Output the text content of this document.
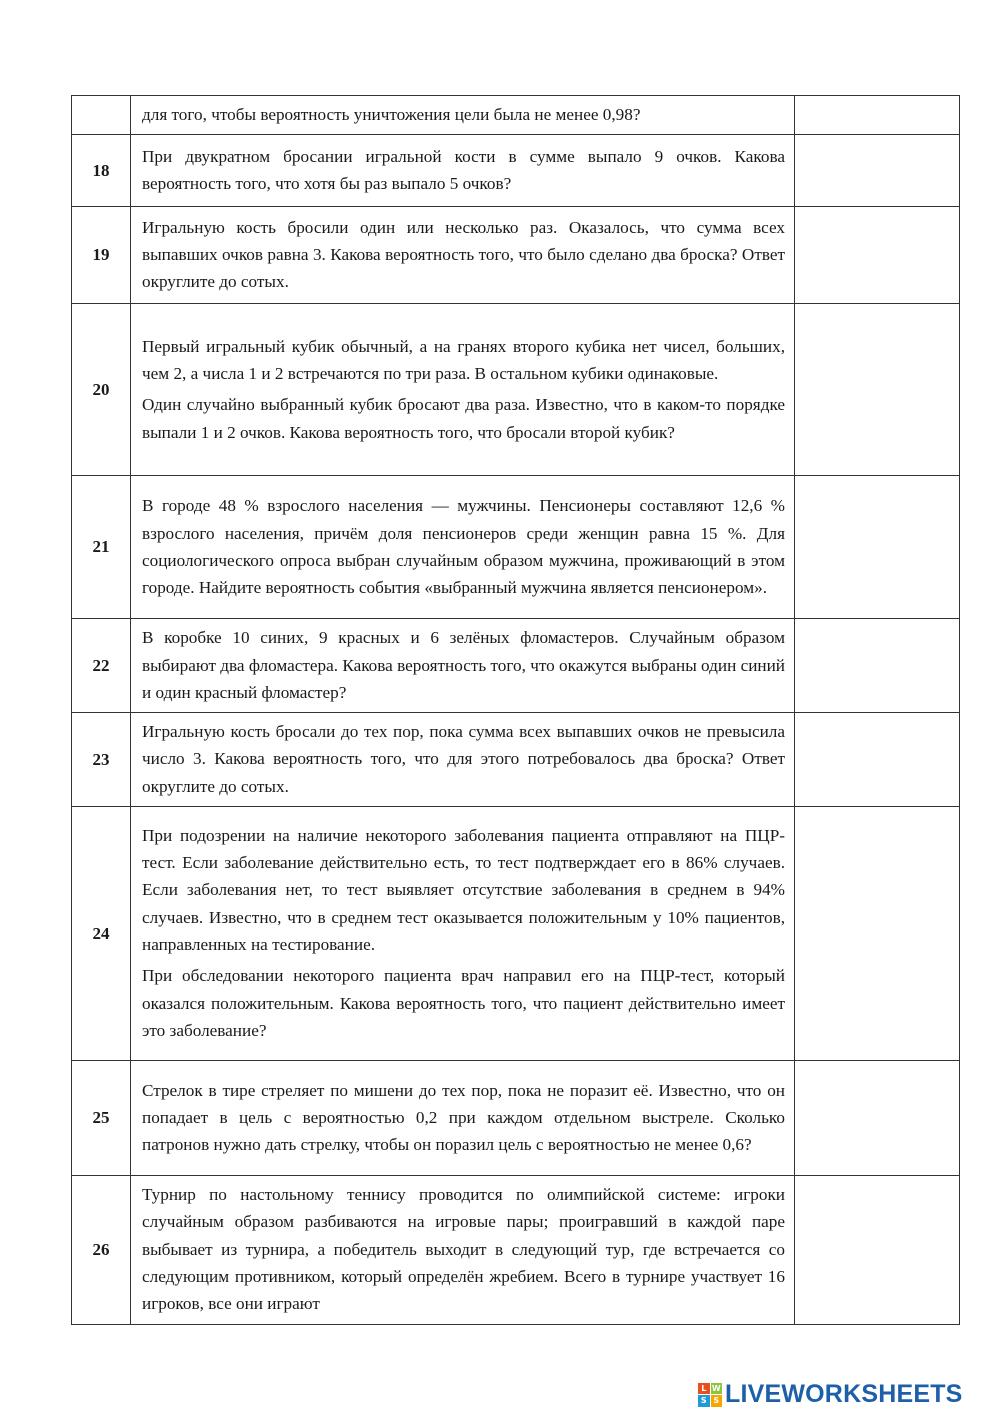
	для того, чтобы вероятность уничтожения цели была не менее 0,98?	

18	При двукратном бросании игральной кости в сумме выпало 9 очков. Какова вероятность того, что хотя бы раз выпало 5 очков?	

19	Игральную кость бросили один или несколько раз. Оказалось, что сумма всех выпавших очков равна 3. Какова вероятность того, что было сделано два броска? Ответ округлите до сотых.	

20	Первый игральный кубик обычный, а на гранях второго кубика нет чисел, больших, чем 2, а числа 1 и 2 встречаются по три раза. В остальном кубики одинаковые.

Один случайно выбранный кубик бросают два раза. Известно, что в каком-то порядке выпали 1 и 2 очков. Какова вероятность того, что бросали второй кубик?	

21	В городе 48 % взрослого населения — мужчины. Пенсионеры составляют 12,6 % взрослого населения, причём доля пенсионеров среди женщин равна 15 %. Для социологического опроса выбран случайным образом мужчина, проживающий в этом городе. Найдите вероятность события «выбранный мужчина является пенсионером».	

22	В коробке 10 синих, 9 красных и 6 зелёных фломастеров. Случайным образом выбирают два фломастера. Какова вероятность того, что окажутся выбраны один синий и один красный фломастер?	

23	Игральную кость бросали до тех пор, пока сумма всех выпавших очков не превысила число 3. Какова вероятность того, что для этого потребовалось два броска? Ответ округлите до сотых.	

24	При подозрении на наличие некоторого заболевания пациента отправляют на ПЦР-тест. Если заболевание действительно есть, то тест подтверждает его в 86% случаев. Если заболевания нет, то тест выявляет отсутствие заболевания в среднем в 94% случаев. Известно, что в среднем тест оказывается положительным у 10% пациентов, направленных на тестирование.

При обследовании некоторого пациента врач направил его на ПЦР-тест, который оказался положительным. Какова вероятность того, что пациент действительно имеет это заболевание?	

25	Стрелок в тире стреляет по мишени до тех пор, пока не поразит её. Известно, что он попадает в цель с вероятностью 0,2 при каждом отдельном выстреле. Сколько патронов нужно дать стрелку, чтобы он поразил цель с вероятностью не менее 0,6?	

26	Турнир по настольному теннису проводится по олимпийской системе: игроки случайным образом разбиваются на игровые пары; проигравший в каждой паре выбывает из турнира, а победитель выходит в следующий тур, где встречается со следующим противником, который определён жребием. Всего в турнире участвует 16 игроков, все они играют	

L W
S S LIVEWORKSHEETS
